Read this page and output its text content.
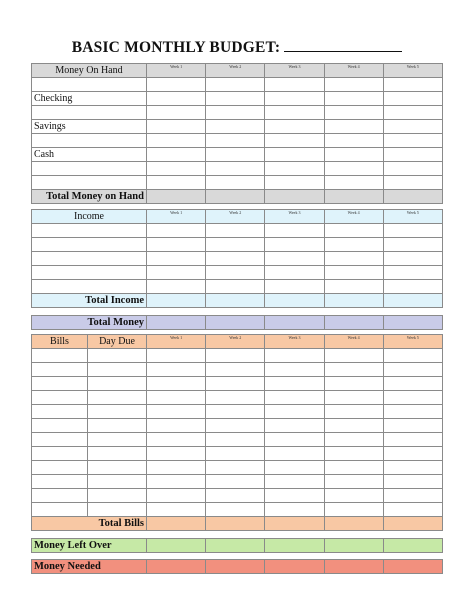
BASIC MONTHLY BUDGET:
Money On Hand	Week 1	Week 2	Week 3	Week 4	Week 5

Checking					

Savings					

Cash					

Total Money on Hand					
Income	Week 1	Week 2	Week 3	Week 4	Week 5

Total Income					
Total Money					
Bills	Day Due	Week 1	Week 2	Week 3	Week 4	Week 5

Total Bills						
Money Left Over					
Money Needed					
